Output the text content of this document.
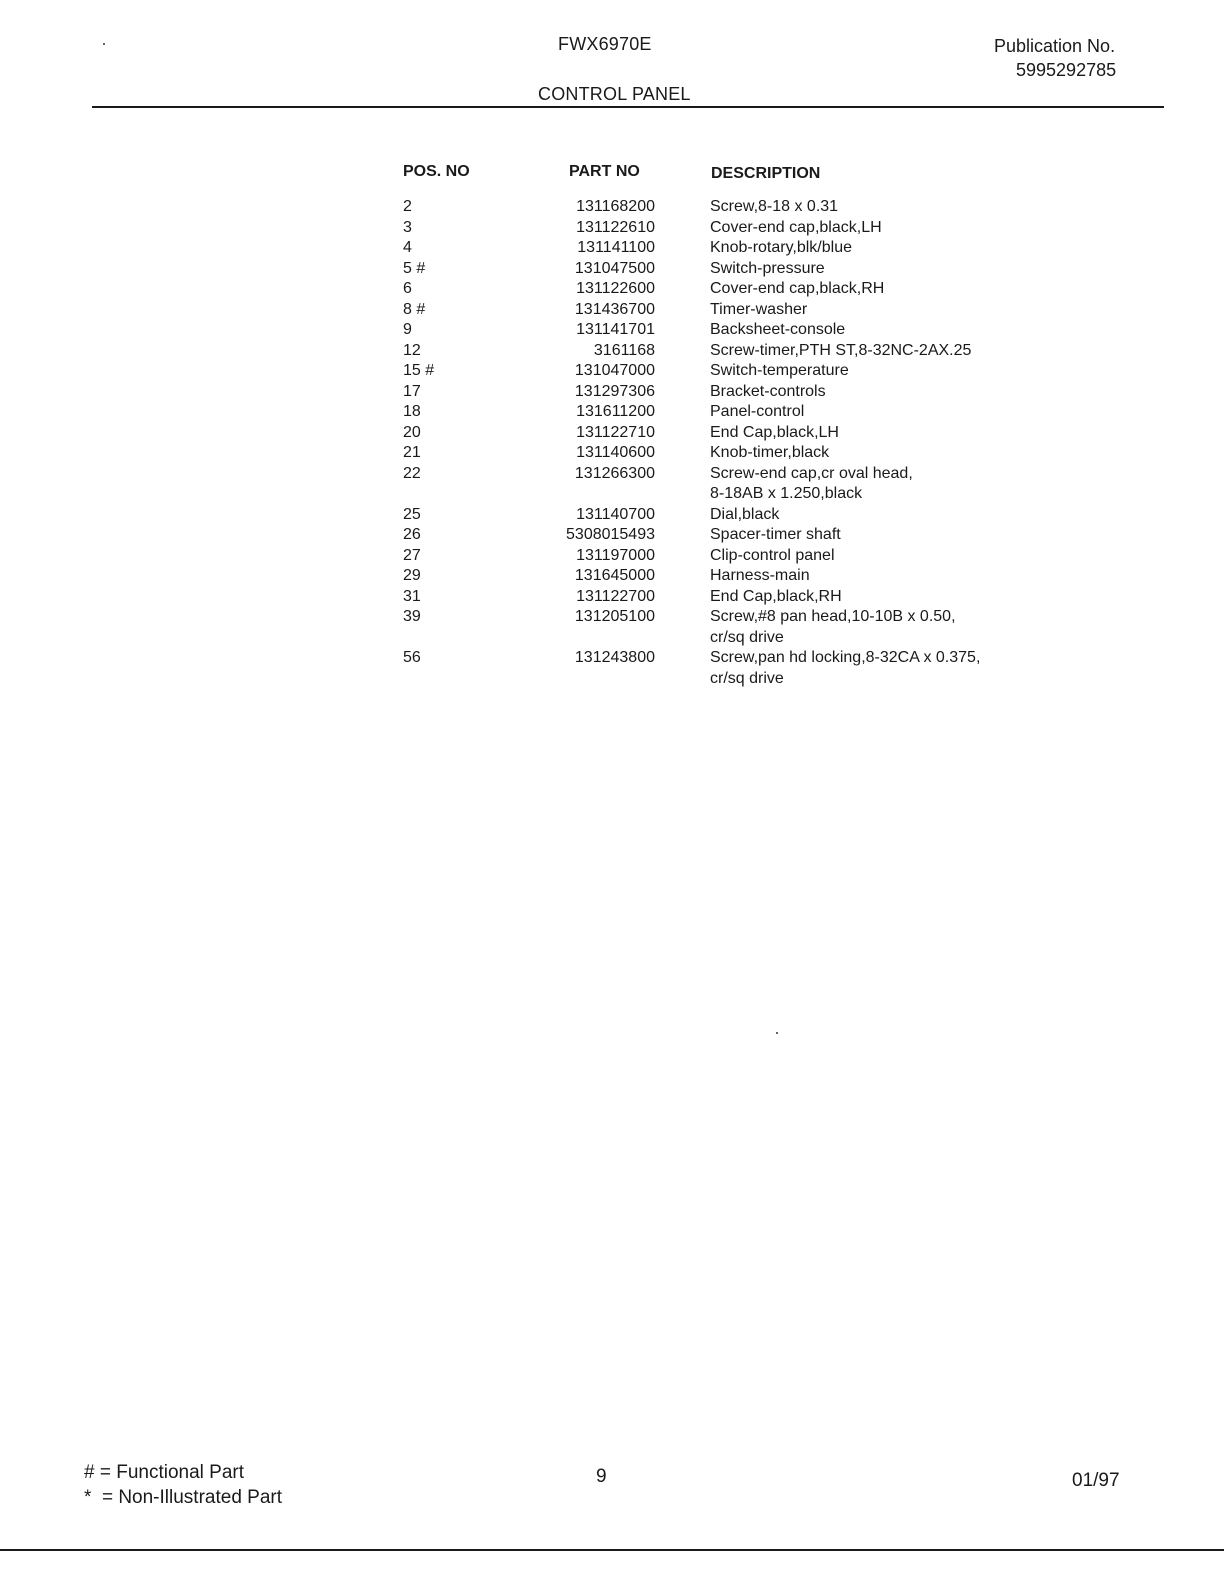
FWX6970E
CONTROL PANEL
Publication No.
5995292785
POS. NO	PART NO	DESCRIPTION
2	131168200	Screw,8-18 x 0.31
3	131122610	Cover-end cap,black,LH
4	131141100	Knob-rotary,blk/blue
5 #	131047500	Switch-pressure
6	131122600	Cover-end cap,black,RH
8 #	131436700	Timer-washer
9	131141701	Backsheet-console
12	3161168	Screw-timer,PTH ST,8-32NC-2AX.25
15 #	131047000	Switch-temperature
17	131297306	Bracket-controls
18	131611200	Panel-control
20	131122710	End Cap,black,LH
21	131140600	Knob-timer,black
22	131266300	Screw-end cap,cr oval head,
8-18AB x 1.250,black
25	131140700	Dial,black
26	5308015493	Spacer-timer shaft
27	131197000	Clip-control panel
29	131645000	Harness-main
31	131122700	End Cap,black,RH
39	131205100	Screw,#8 pan head,10-10B x 0.50,
cr/sq drive
56	131243800	Screw,pan hd locking,8-32CA x 0.375,
cr/sq drive
# = Functional Part
*  = Non-Illustrated Part
9	01/97
